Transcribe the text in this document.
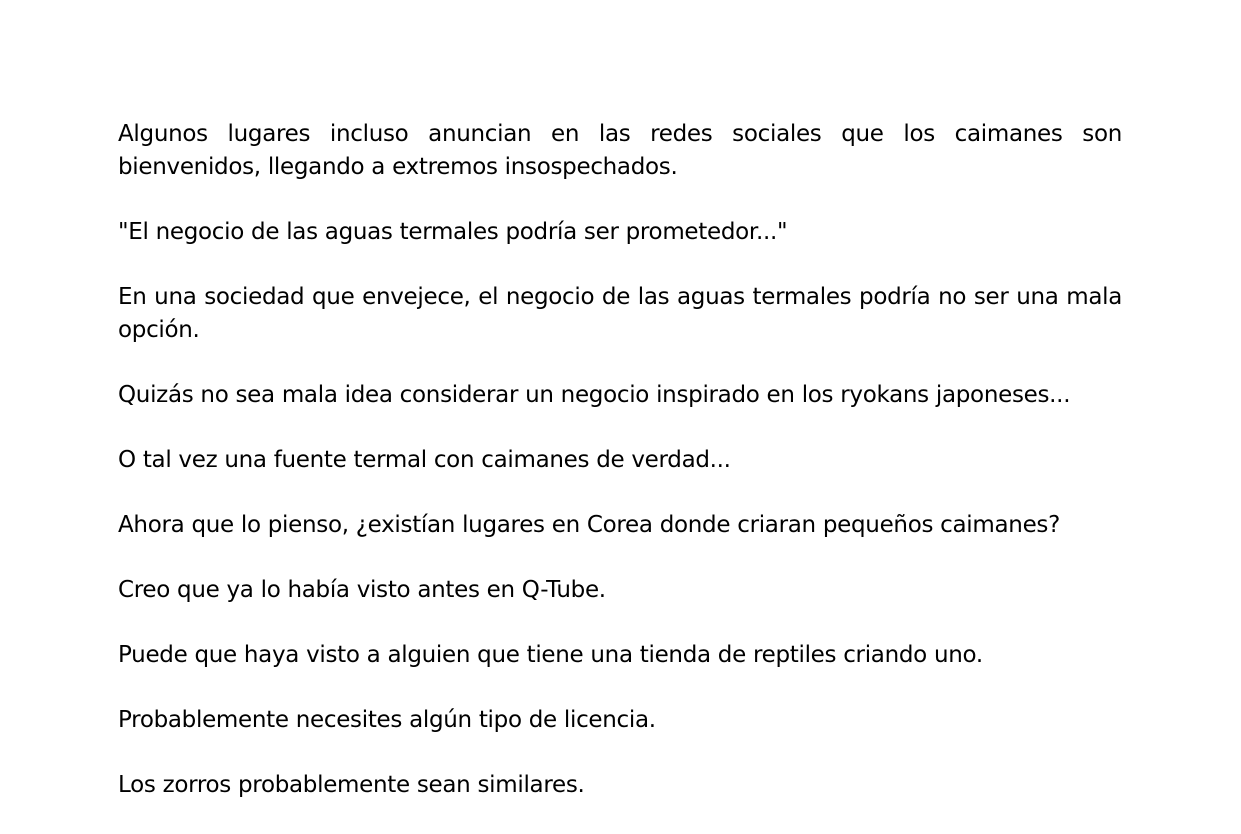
Algunos lugares incluso anuncian en las redes sociales que los caimanes son bienvenidos, llegando a extremos insospechados.

"El negocio de las aguas termales podría ser prometedor..."

En una sociedad que envejece, el negocio de las aguas termales podría no ser una mala opción.

Quizás no sea mala idea considerar un negocio inspirado en los ryokans japoneses...

O tal vez una fuente termal con caimanes de verdad...

Ahora que lo pienso, ¿existían lugares en Corea donde criaran pequeños caimanes?

Creo que ya lo había visto antes en Q-Tube.

Puede que haya visto a alguien que tiene una tienda de reptiles criando uno.

Probablemente necesites algún tipo de licencia.

Los zorros probablemente sean similares.
